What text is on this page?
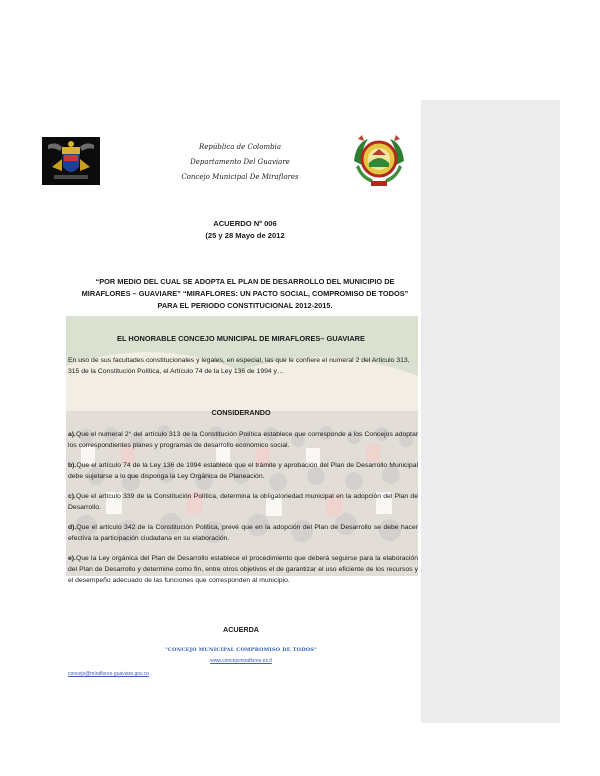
República de Colombia
Departamento Del Guaviare
Concejo Municipal De Miraflores
ACUERDO Nº 006
(25 y 28 Mayo de 2012
“POR MEDIO DEL CUAL SE ADOPTA EL PLAN DE DESARROLLO DEL MUNICIPIO DE MIRAFLORES – GUAVIARE” “MIRAFLORES: UN PACTO SOCIAL, COMPROMISO DE TODOS” PARA EL PERIODO CONSTITUCIONAL 2012-2015.
EL HONORABLE CONCEJO MUNICIPAL DE MIRAFLORES– GUAVIARE
En uso de sus facultades constitucionales y legales, en especial, las que le confiere el numeral 2 del Articulo 313, 315 de la Constitución Política, el Artículo 74 de la Ley 136 de 1994 y…
CONSIDERANDO
a).Que el numeral 2° del artículo 313 de la Constitución Política establece que corresponde a los Concejos adoptar los correspondientes planes y programas de desarrollo económico social.
b).Que el artículo 74 de la Ley 136 de 1994 establece que el trámite y aprobación del Plan de Desarrollo Municipal debe sujetarse a lo que disponga la Ley Orgánica de Planeación.
c).Que el artículo 339 de la Constitución Política, determina la obligatoriedad municipal en la adopción del Plan de Desarrollo.
d).Que el artículo 342 de la Constitución Política, prevé que en la adopción del Plan de Desarrollo se debe hacer efectiva la participación ciudadana en su elaboración.
e).Que la Ley orgánica del Plan de Desarrollo establece el procedimiento que deberá seguirse para la elaboración del Plan de Desarrollo y determine como fin, entre otros objetivos el de garantizar el uso eficiente de los recursos y el desempeño adecuado de las funciones que corresponden al municipio.
ACUERDA
"CONCEJO MUNICIPAL COMPROMISO DE TODOS"
www.concejomiraflores.es.tl
concejo@miraflores-guaviare.gov.co
